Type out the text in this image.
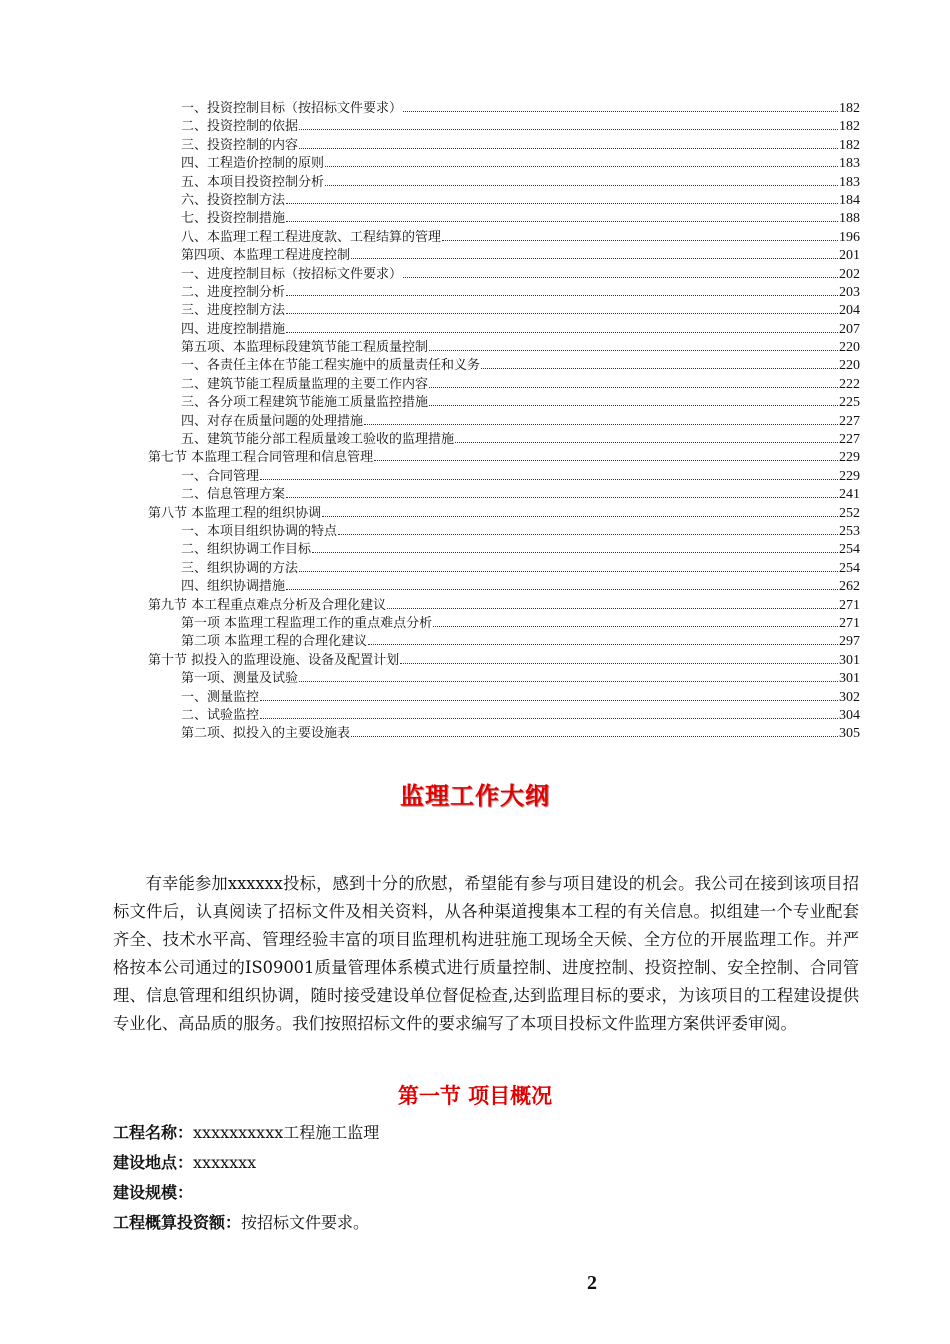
一、投资控制目标（按招标文件要求）	182
二、投资控制的依据	182
三、投资控制的内容	182
四、工程造价控制的原则	183
五、本项目投资控制分析	183
六、投资控制方法	184
七、投资控制措施	188
八、本监理工程工程进度款、工程结算的管理	196
第四项、本监理工程进度控制	201
一、进度控制目标（按招标文件要求）	202
二、进度控制分析	203
三、进度控制方法	204
四、进度控制措施	207
第五项、本监理标段建筑节能工程质量控制	220
一、各责任主体在节能工程实施中的质量责任和义务	220
二、建筑节能工程质量监理的主要工作内容	222
三、各分项工程建筑节能施工质量监控措施	225
四、对存在质量问题的处理措施	227
五、建筑节能分部工程质量竣工验收的监理措施	227
第七节 本监理工程合同管理和信息管理	229
一、合同管理	229
二、信息管理方案	241
第八节 本监理工程的组织协调	252
一、本项目组织协调的特点	253
二、组织协调工作目标	254
三、组织协调的方法	254
四、组织协调措施	262
第九节 本工程重点难点分析及合理化建议	271
第一项 本监理工程监理工作的重点难点分析	271
第二项 本监理工程的合理化建议	297
第十节 拟投入的监理设施、设备及配置计划	301
第一项、测量及试验	301
一、测量监控	302
二、试验监控	304
第二项、拟投入的主要设施表	305
监理工作大纲
有幸能参加xxxxxx投标，感到十分的欣慰，希望能有参与项目建设的机会。我公司在接到该项目招标文件后，认真阅读了招标文件及相关资料，从各种渠道搜集本工程的有关信息。拟组建一个专业配套齐全、技术水平高、管理经验丰富的项目监理机构进驻施工现场全天候、全方位的开展监理工作。并严格按本公司通过的IS09001质量管理体系模式进行质量控制、进度控制、投资控制、安全控制、合同管理、信息管理和组织协调，随时接受建设单位督促检查,达到监理目标的要求，为该项目的工程建设提供专业化、高品质的服务。我们按照招标文件的要求编写了本项目投标文件监理方案供评委审阅。
第一节 项目概况
工程名称：xxxxxxxxxx工程施工监理
建设地点：xxxxxxx
建设规模：
工程概算投资额：按招标文件要求。
2
